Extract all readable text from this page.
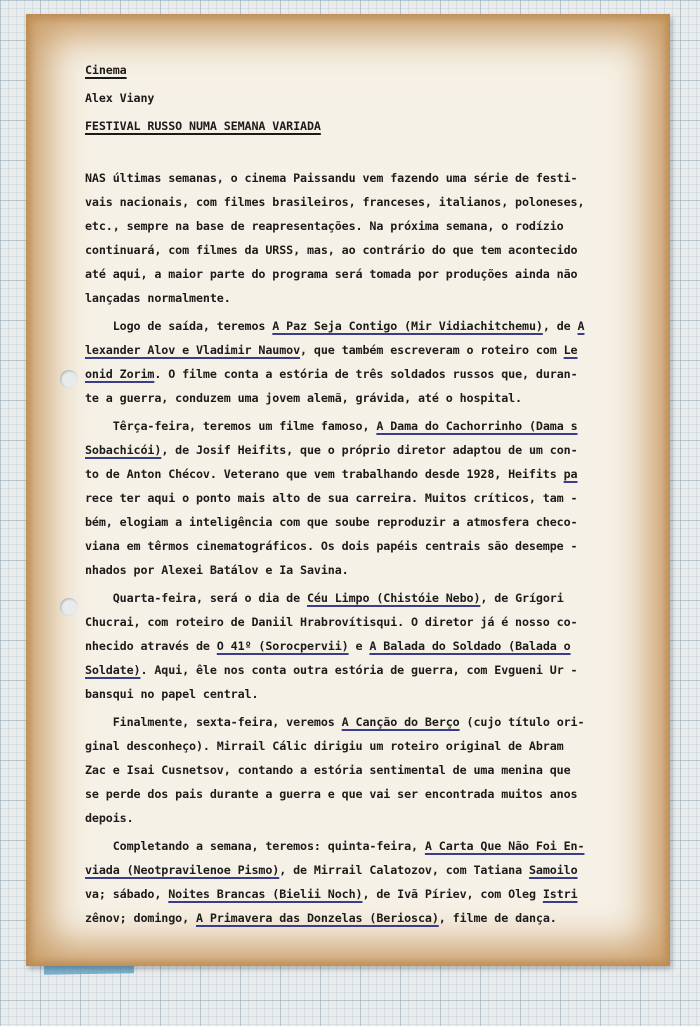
Cinema

Alex Viany

FESTIVAL RUSSO NUMA SEMANA VARIADA

NAS últimas semanas, o cinema Paissandu vem fazendo uma série de festi-

vais nacionais, com filmes brasileiros, franceses, italianos, poloneses,

etc., sempre na base de reapresentações. Na próxima semana, o rodízio

continuará, com filmes da URSS, mas, ao contrário do que tem acontecido

até aqui, a maior parte do programa será tomada por produções ainda não

lançadas normalmente.

Logo de saída, teremos A Paz Seja Contigo (Mir Vidiachitchemu), de A

lexander Alov e Vladimir Naumov, que também escreveram o roteiro com Le

onid Zorim. O filme conta a estória de três soldados russos que, duran-

te a guerra, conduzem uma jovem alemã, grávida, até o hospital.

Têrça-feira, teremos um filme famoso, A Dama do Cachorrinho (Dama s

Sobachicói), de Josif Heifits, que o próprio diretor adaptou de um con-

to de Anton Chécov. Veterano que vem trabalhando desde 1928, Heifits pa

rece ter aqui o ponto mais alto de sua carreira. Muitos críticos, tam -

bém, elogiam a inteligência com que soube reproduzir a atmosfera checo-

viana em têrmos cinematográficos. Os dois papéis centrais são desempe -

nhados por Alexei Batálov e Ia Savina.

Quarta-feira, será o dia de Céu Limpo (Chistóie Nebo), de Grígori

Chucrai, com roteiro de Daniil Hrabrovítisqui. O diretor já é nosso co-

nhecido através de O 41º (Sorocpervii) e A Balada do Soldado (Balada o

Soldate). Aqui, êle nos conta outra estória de guerra, com Evgueni Ur -

bansqui no papel central.

Finalmente, sexta-feira, veremos A Canção do Berço (cujo título ori-

ginal desconheço). Mirrail Cálic dirigiu um roteiro original de Abram

Zac e Isai Cusnetsov, contando a estória sentimental de uma menina que

se perde dos pais durante a guerra e que vai ser encontrada muitos anos

depois.

Completando a semana, teremos: quinta-feira, A Carta Que Não Foi En-

viada (Neotpravilenoe Pismo), de Mirrail Calatozov, com Tatiana Samoilo

va; sábado, Noites Brancas (Bielii Noch), de Ivã Píriev, com Oleg Istri

zênov; domingo, A Primavera das Donzelas (Beriosca), filme de dança.
